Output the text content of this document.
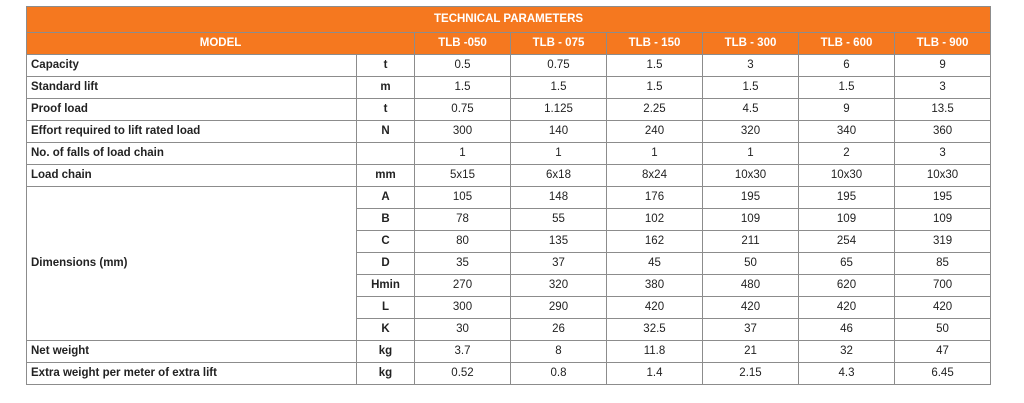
TECHNICAL PARAMETERS							
MODEL		TLB -050	TLB - 075	TLB - 150	TLB - 300	TLB - 600	TLB - 900
Capacity	t	0.5	0.75	1.5	3	6	9
Standard lift	m	1.5	1.5	1.5	1.5	1.5	3
Proof load	t	0.75	1.125	2.25	4.5	9	13.5
Effort required to lift rated load	N	300	140	240	320	340	360
No. of falls of load chain		1	1	1	1	2	3
Load chain	mm	5x15	6x18	8x24	10x30	10x30	10x30
Dimensions (mm)	A	105	148	176	195	195	195
	B	78	55	102	109	109	109
	C	80	135	162	211	254	319
	D	35	37	45	50	65	85
	Hmin	270	320	380	480	620	700
	L	300	290	420	420	420	420
	K	30	26	32.5	37	46	50
Net weight	kg	3.7	8	11.8	21	32	47
Extra weight per meter of extra lift	kg	0.52	0.8	1.4	2.15	4.3	6.45
